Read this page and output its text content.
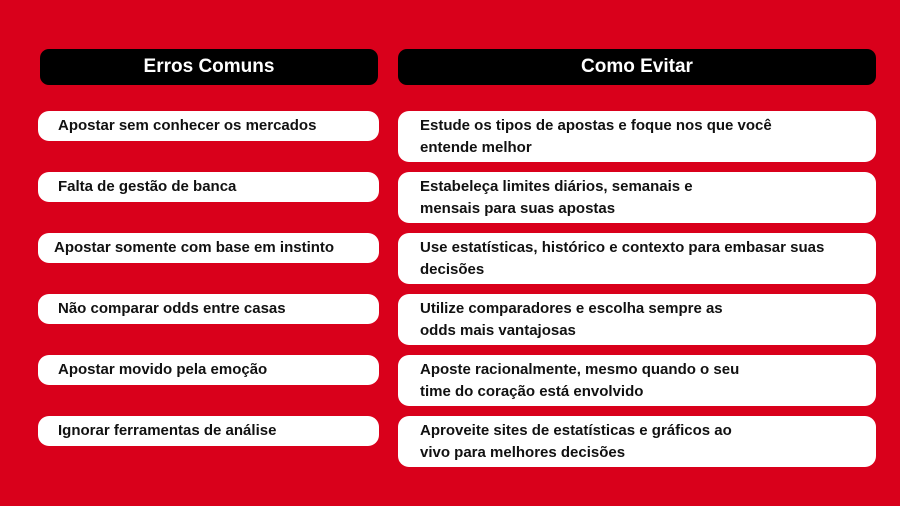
Erros Comuns	Como Evitar
Apostar sem conhecer os mercados	Estude os tipos de apostas e foque nos que você
entende melhor
Falta de gestão de banca	Estabeleça limites diários, semanais e
mensais para suas apostas
Apostar somente com base em instinto	Use estatísticas, histórico e contexto para embasar suas
decisões
Não comparar odds entre casas	Utilize comparadores e escolha sempre as
odds mais vantajosas
Apostar movido pela emoção	Aposte racionalmente, mesmo quando o seu
time do coração está envolvido
Ignorar ferramentas de análise	Aproveite sites de estatísticas e gráficos ao
vivo para melhores decisões
